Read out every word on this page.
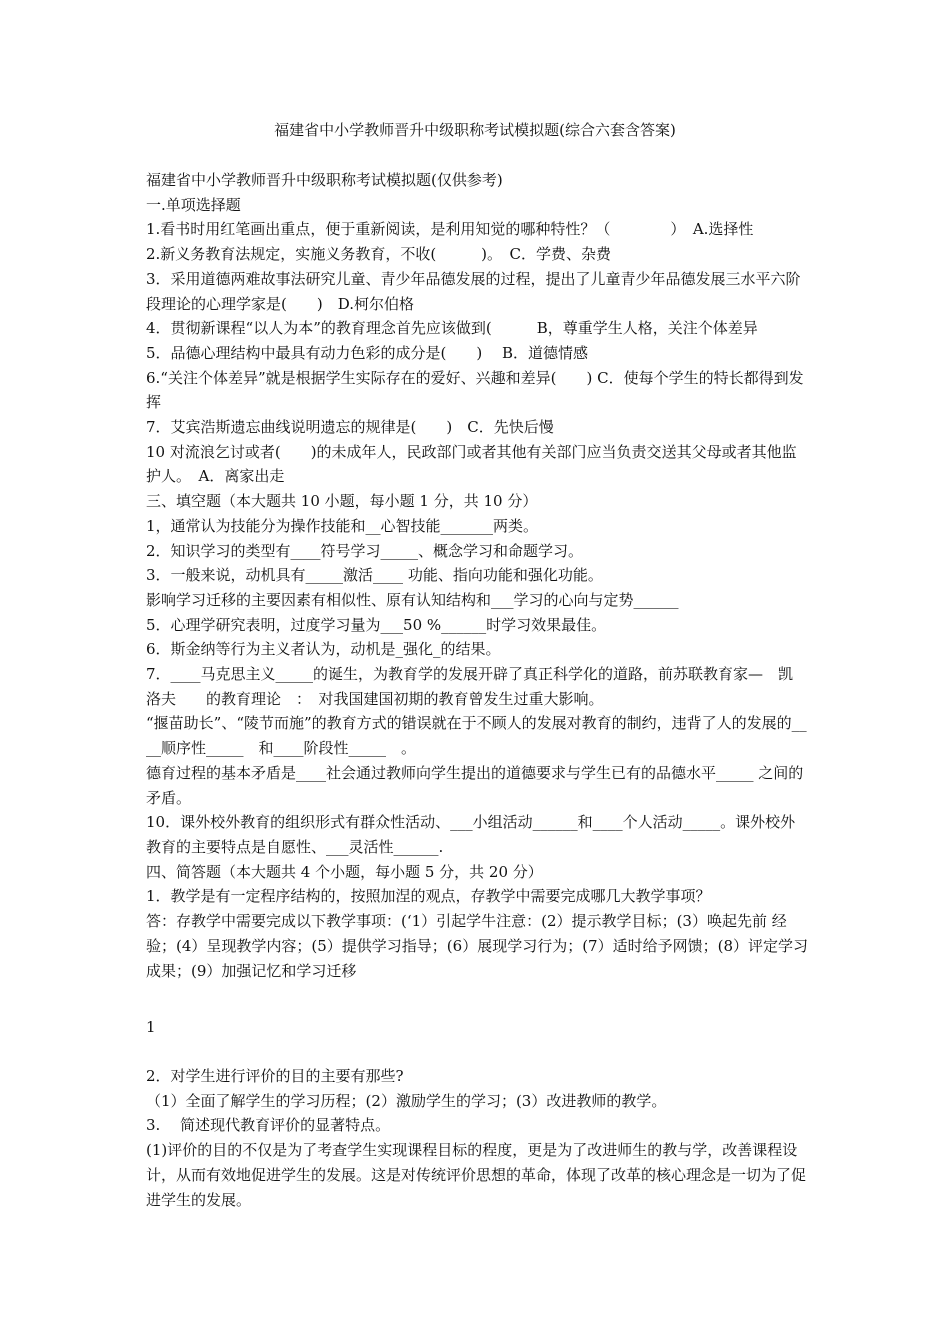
福建省中小学教师晋升中级职称考试模拟题(综合六套含答案)

福建省中小学教师晋升中级职称考试模拟题(仅供参考)

一.单项选择题

1.看书时用红笔画出重点，便于重新阅读，是利用知觉的哪种特性？（　　　　）　A.选择性

2.新义务教育法规定，实施义务教育，不收(　　　)。　C．学费、杂费

3．采用道德两难故事法研究儿童、青少年品德发展的过程，提出了儿童青少年品德发展三水平六阶段理论的心理学家是(　　)　D.柯尔伯格

4．贯彻新课程“以人为本”的教育理念首先应该做到(　　　B，尊重学生人格，关注个体差异

5．品德心理结构中最具有动力色彩的成分是(　　)　 B．道德情感

6.“关注个体差异”就是根据学生实际存在的爱好、兴趣和差异(　　) C．使每个学生的特长都得到发挥

7．艾宾浩斯遗忘曲线说明遗忘的规律是(　　)　C．先快后慢

10 对流浪乞讨或者(　　)的未成年人，民政部门或者其他有关部门应当负责交送其父母或者其他监护人。　A．离家出走

三、填空题（本大题共 10 小题，每小题 1 分，共 10 分）

1，通常认为技能分为操作技能和__心智技能_______两类。

2．知识学习的类型有____符号学习_____、概念学习和命题学习。

3．一般来说，动机具有_____激活____ 功能、指向功能和强化功能。

影响学习迁移的主要因素有相似性、原有认知结构和___学习的心向与定势______

5．心理学研究表明，过度学习量为___50 %______时学习效果最佳。

6．斯金纳等行为主义者认为，动机是_强化_的结果。

7．____马克思主义_____的诞生，为教育学的发展开辟了真正科学化的道路，前苏联教育家—　凯洛夫　　的教育理论　：　对我国建国初期的教育曾发生过重大影响。

“揠苗助长”、“陵节而施”的教育方式的错误就在于不顾人的发展对教育的制约，违背了人的发展的____顺序性_____　和____阶段性_____　。

德育过程的基本矛盾是____社会通过教师向学生提出的道德要求与学生已有的品德水平_____ 之间的矛盾。

10．课外校外教育的组织形式有群众性活动、___小组活动______和____个人活动_____。课外校外教育的主要特点是自愿性、___灵活性______.

四、简答题（本大题共 4 个小题，每小题 5 分，共 20 分）

1．教学是有一定程序结构的，按照加涅的观点，存教学中需要完成哪几大教学事项？

答：存教学中需要完成以下教学事项：(‘1）引起学牛注意：(2）提示教学目标；(3）唤起先前 经验；(4）呈现教学内容；(5）提供学习指导；(6）展现学习行为；(7）适时给予网馈；(8）评定学习成果；(9）加强记忆和学习迁移

1

2．对学生进行评价的目的主要有那些?

（1）全面了解学生的学习历程；(2）激励学生的学习；(3）改进教师的教学。

3.　 简述现代教育评价的显著特点。

(1)评价的目的不仅是为了考查学生实现课程目标的程度，更是为了改进师生的教与学，改善课程设计，从而有效地促进学生的发展。这是对传统评价思想的革命，体现了改革的核心理念是一切为了促进学生的发展。
